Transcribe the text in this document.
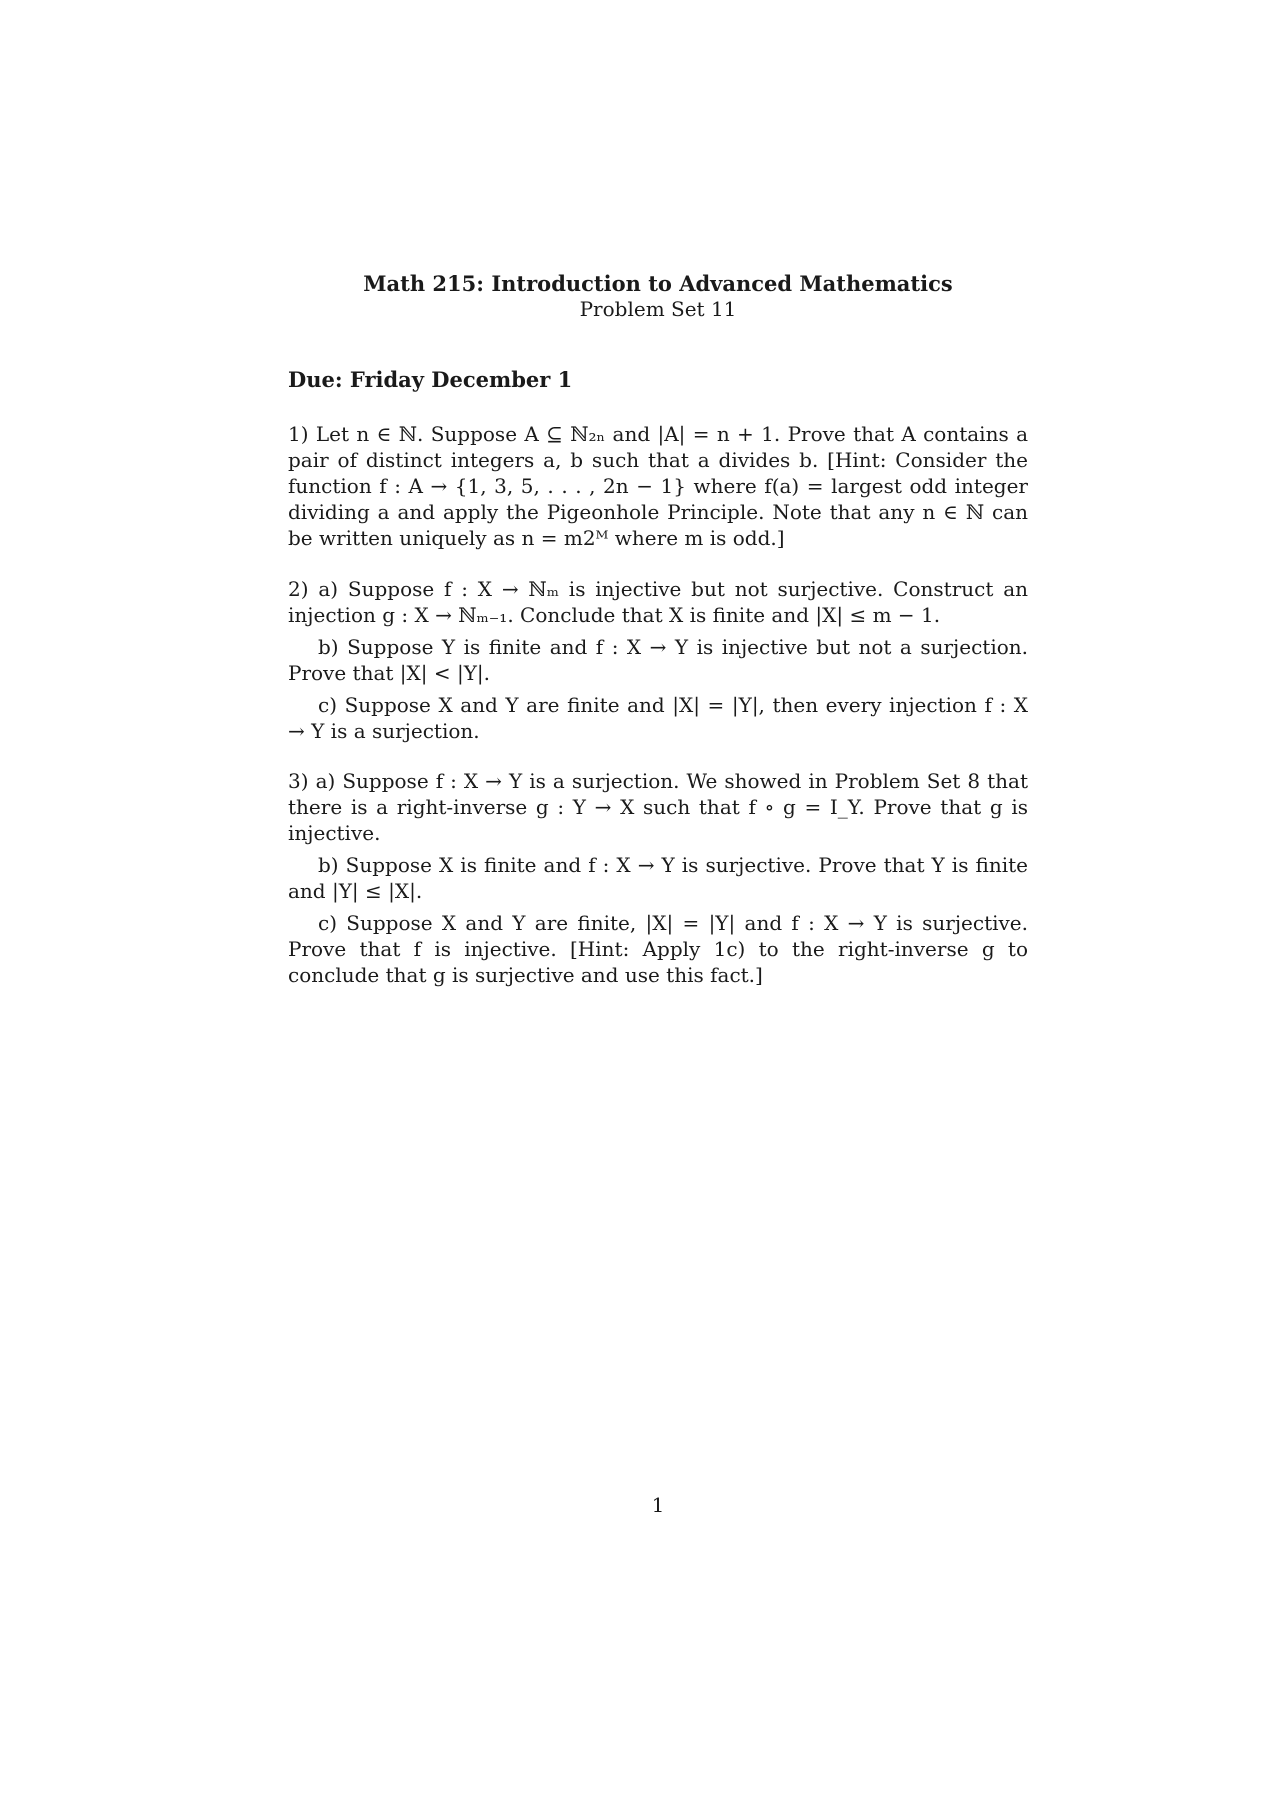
Math 215: Introduction to Advanced Mathematics
Problem Set 11
Due: Friday December 1

1) Let n ∈ ℕ. Suppose A ⊆ ℕ₂ₙ and |A| = n + 1. Prove that A contains a pair of distinct integers a, b such that a divides b. [Hint: Consider the function f : A → {1, 3, 5, . . . , 2n − 1} where f(a) = largest odd integer dividing a and apply the Pigeonhole Principle. Note that any n ∈ ℕ can be written uniquely as n = m2ᴹ where m is odd.]

2) a) Suppose f : X → ℕₘ is injective but not surjective. Construct an injection g : X → ℕₘ₋₁. Conclude that X is finite and |X| ≤ m − 1.

b) Suppose Y is finite and f : X → Y is injective but not a surjection. Prove that |X| < |Y|.

c) Suppose X and Y are finite and |X| = |Y|, then every injection f : X → Y is a surjection.

3) a) Suppose f : X → Y is a surjection. We showed in Problem Set 8 that there is a right-inverse g : Y → X such that f ∘ g = I_Y. Prove that g is injective.

b) Suppose X is finite and f : X → Y is surjective. Prove that Y is finite and |Y| ≤ |X|.

c) Suppose X and Y are finite, |X| = |Y| and f : X → Y is surjective. Prove that f is injective. [Hint: Apply 1c) to the right-inverse g to conclude that g is surjective and use this fact.]

1
